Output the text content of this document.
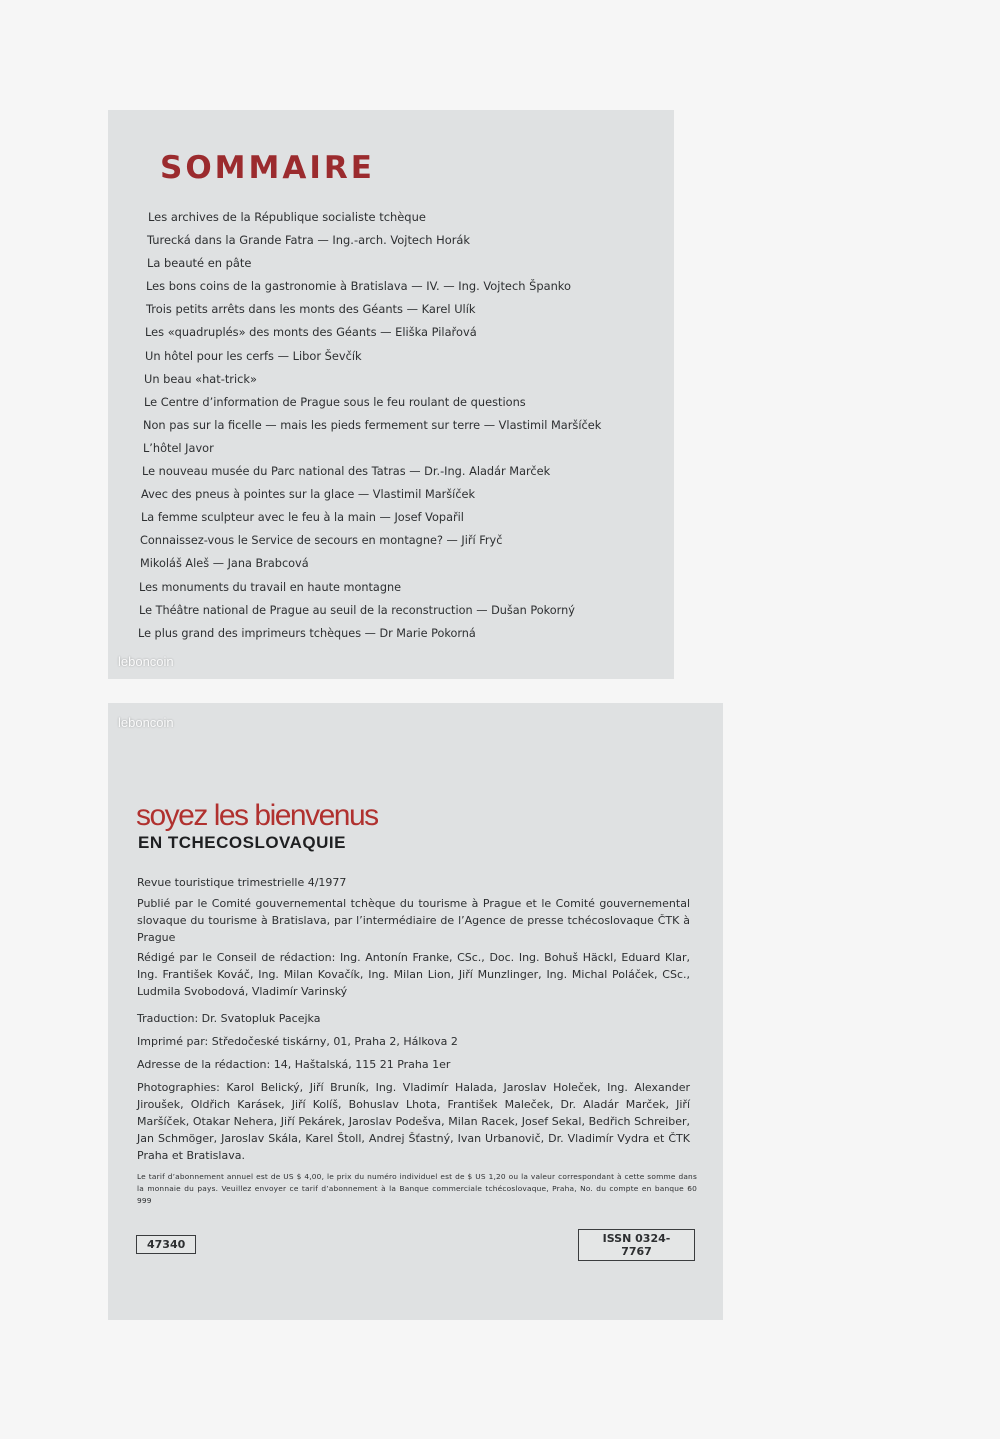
SOMMAIRE
Les archives de la République socialiste tchèque
Turecká dans la Grande Fatra — Ing.-arch. Vojtech Horák
La beauté en pâte
Les bons coins de la gastronomie à Bratislava — IV. — Ing. Vojtech Španko
Trois petits arrêts dans les monts des Géants — Karel Ulík
Les «quadruplés» des monts des Géants — Eliška Pilařová
Un hôtel pour les cerfs — Libor Ševčík
Un beau «hat-trick»
Le Centre d’information de Prague sous le feu roulant de questions
Non pas sur la ficelle — mais les pieds fermement sur terre — Vlastimil Maršíček
L’hôtel Javor
Le nouveau musée du Parc national des Tatras — Dr.-Ing. Aladár Marček
Avec des pneus à pointes sur la glace — Vlastimil Maršíček
La femme sculpteur avec le feu à la main — Josef Vopařil
Connaissez-vous le Service de secours en montagne? — Jiří Fryč
Mikoláš Aleš — Jana Brabcová
Les monuments du travail en haute montagne
Le Théâtre national de Prague au seuil de la reconstruction — Dušan Pokorný
Le plus grand des imprimeurs tchèques — Dr Marie Pokorná
leboncoin
leboncoin
soyez les bienvenus
EN TCHECOSLOVAQUIE
Revue touristique trimestrielle 4/1977
Publié par le Comité gouvernemental tchèque du tourisme à Prague et le Comité gouvernemental slovaque du tourisme à Bratislava, par l’intermédiaire de l’Agence de presse tchécoslovaque ČTK à Prague
Rédigé par le Conseil de rédaction: Ing. Antonín Franke, CSc., Doc. Ing. Bohuš Häckl, Eduard Klar, Ing. František Kováč, Ing. Milan Kovačík, Ing. Milan Lion, Jiří Munzlinger, Ing. Michal Poláček, CSc., Ludmila Svobodová, Vladimír Varinský
Traduction: Dr. Svatopluk Pacejka
Imprimé par: Středočeské tiskárny, 01, Praha 2, Hálkova 2
Adresse de la rédaction: 14, Haštalská, 115 21 Praha 1er
Photographies: Karol Belický, Jiří Bruník, Ing. Vladimír Halada, Jaroslav Holeček, Ing. Alexander Jiroušek, Oldřich Karásek, Jiří Kolíš, Bohuslav Lhota, František Maleček, Dr. Aladár Marček, Jiří Maršíček, Otakar Nehera, Jiří Pekárek, Jaroslav Podešva, Milan Racek, Josef Sekal, Bedřich Schreiber, Jan Schmöger, Jaroslav Skála, Karel Štoll, Andrej Šťastný, Ivan Urbanovič, Dr. Vladimír Vydra et ČTK Praha et Bratislava.
Le tarif d’abonnement annuel est de US $ 4,00, le prix du numéro individuel est de $ US 1,20 ou la valeur correspondant à cette somme dans la monnaie du pays. Veuillez envoyer ce tarif d’abonnement à la Banque commerciale tchécoslovaque, Praha, No. du compte en banque 60 999
47340	ISSN 0324-7767
